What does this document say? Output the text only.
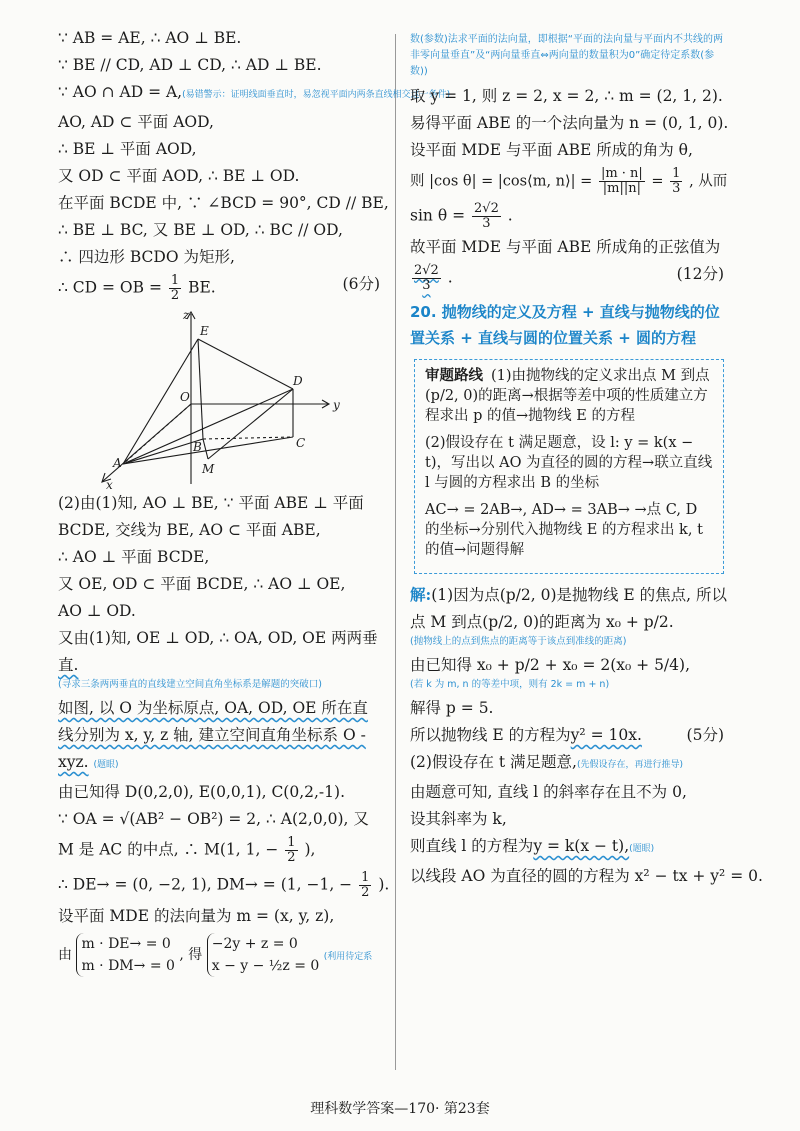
∵ AB = AE, ∴ AO ⊥ BE.
∵ BE // CD, AD ⊥ CD, ∴ AD ⊥ BE.
∵ AO ∩ AD = A,(易错警示：证明线面垂直时，易忽视平面内两条直线相交这一条件)
AO, AD ⊂ 平面 AOD,
∴ BE ⊥ 平面 AOD,
又 OD ⊂ 平面 AOD, ∴ BE ⊥ OD.
在平面 BCDE 中, ∵ ∠BCD = 90°, CD // BE,
∴ BE ⊥ BC, 又 BE ⊥ OD, ∴ BC // OD,
∴ 四边形 BCDO 为矩形,
∴ CD = OB = $\frac{1}{2}$ BE.	(6分)
z
y
x
E
O
D
B	C
A	M
(2)由(1)知, AO ⊥ BE, ∵ 平面 ABE ⊥ 平面
BCDE, 交线为 BE, AO ⊂ 平面 ABE,
∴ AO ⊥ 平面 BCDE,
又 OE, OD ⊂ 平面 BCDE, ∴ AO ⊥ OE,
AO ⊥ OD.
又由(1)知, OE ⊥ OD, ∴ OA, OD, OE 两两垂
直.
(寻求三条两两垂直的直线建立空间直角坐标系是解题的突破口)
如图, 以 O 为坐标原点, OA, OD, OE 所在直
线分别为 x, y, z 轴, 建立空间直角坐标系 O -
xyz. (题眼)
由已知得 D(0,2,0), E(0,0,1), C(0,2,-1).
∵ OA = √(AB² − OB²) = 2, ∴ A(2,0,0), 又
M 是 AC 的中点, ∴ M(1, 1, − $\frac{1}{2}$ ),
∴ DE→ = (0, −2, 1), DM→ = (1, −1, − $\frac{1}{2}$ ).
设平面 MDE 的法向量为 m = (x, y, z),
由 m · DE→ = 0
m · DM→ = 0 , 得 −2y + z = 0
x − y − ½z = 0 (利用待定系
数(参数)法求平面的法向量，即根据“平面的法向量与平面内不共线的两非零向量垂直”及“两向量垂直⇔两向量的数量积为0”确定待定系数(参数))
取 y = 1, 则 z = 2, x = 2, ∴ m = (2, 1, 2).
易得平面 ABE 的一个法向量为 n = (0, 1, 0).
设平面 MDE 与平面 ABE 所成的角为 θ,
则 |cos θ| = |cos⟨m, n⟩| = $\frac{|m \cdot n|}{|m||n|} = \frac{1}{3}$ , 从而
$\sin \theta = \frac{2√2}{3}$ .
故平面 MDE 与平面 ABE 所成角的正弦值为
$\frac{2√2}{3}$ .	(12分)
20. 抛物线的定义及方程 + 直线与抛物线的位置关系 + 直线与圆的位置关系 + 圆的方程
审题路线 (1)由抛物线的定义求出点 M 到点(p/2, 0)的距离→根据等差中项的性质建立方程求出 p 的值→抛物线 E 的方程
(2)假设存在 t 满足题意，设 l: y = k(x − t)，写出以 AO 为直径的圆的方程→联立直线 l 与圆的方程求出 B 的坐标
AC→ = 2AB→, AD→ = 3AB→ →点 C, D 的坐标→分别代入抛物线 E 的方程求出 k, t 的值→问题得解
解:(1)因为点(p/2, 0)是抛物线 E 的焦点, 所以
点 M 到点(p/2, 0)的距离为 x₀ + p/2.
(抛物线上的点到焦点的距离等于该点到准线的距离)
由已知得 x₀ + p/2 + x₀ = 2(x₀ + 5/4),
(若 k 为 m, n 的等差中项，则有 2k = m + n)
解得 p = 5.
所以抛物线 E 的方程为y² = 10x.	(5分)
(2)假设存在 t 满足题意,(先假设存在，再进行推导)
由题意可知, 直线 l 的斜率存在且不为 0,
设其斜率为 k,
则直线 l 的方程为y = k(x − t),(题眼)
以线段 AO 为直径的圆的方程为 x² − tx + y² = 0.
理科数学答案—170· 第23套
